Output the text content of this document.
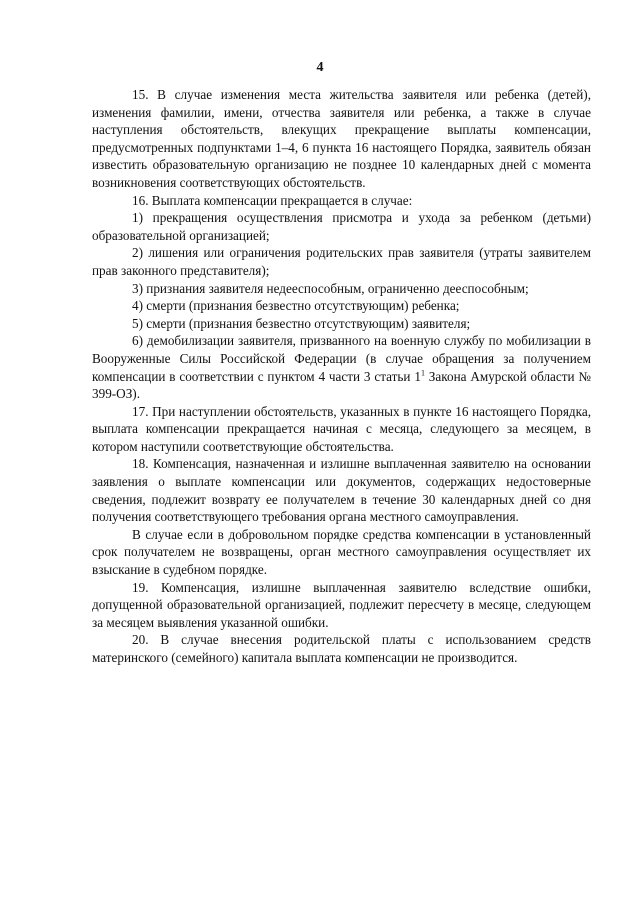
4

15. В случае изменения места жительства заявителя или ребенка (детей), изменения фамилии, имени, отчества заявителя или ребенка, а также в случае наступления обстоятельств, влекущих прекращение выплаты компенсации, предусмотренных подпунктами 1–4, 6 пункта 16 настоящего Порядка, заявитель обязан известить образовательную организацию не позднее 10 календарных дней с момента возникновения соответствующих обстоятельств.

16. Выплата компенсации прекращается в случае:

1) прекращения осуществления присмотра и ухода за ребенком (детьми) образовательной организацией;

2) лишения или ограничения родительских прав заявителя (утраты заявителем прав законного представителя);

3) признания заявителя недееспособным, ограниченно дееспособным;

4) смерти (признания безвестно отсутствующим) ребенка;

5) смерти (признания безвестно отсутствующим) заявителя;

6) демобилизации заявителя, призванного на военную службу по мобилизации в Вооруженные Силы Российской Федерации (в случае обращения за получением компенсации в соответствии с пунктом 4 части 3 статьи $1^1$ Закона Амурской области № 399-ОЗ).

17. При наступлении обстоятельств, указанных в пункте 16 настоящего Порядка, выплата компенсации прекращается начиная с месяца, следующего за месяцем, в котором наступили соответствующие обстоятельства.

18. Компенсация, назначенная и излишне выплаченная заявителю на основании заявления о выплате компенсации или документов, содержащих недостоверные сведения, подлежит возврату ее получателем в течение 30 календарных дней со дня получения соответствующего требования органа местного самоуправления.

В случае если в добровольном порядке средства компенсации в установленный срок получателем не возвращены, орган местного самоуправления осуществляет их взыскание в судебном порядке.

19. Компенсация, излишне выплаченная заявителю вследствие ошибки, допущенной образовательной организацией, подлежит пересчету в месяце, следующем за месяцем выявления указанной ошибки.

20. В случае внесения родительской платы с использованием средств материнского (семейного) капитала выплата компенсации не производится.
